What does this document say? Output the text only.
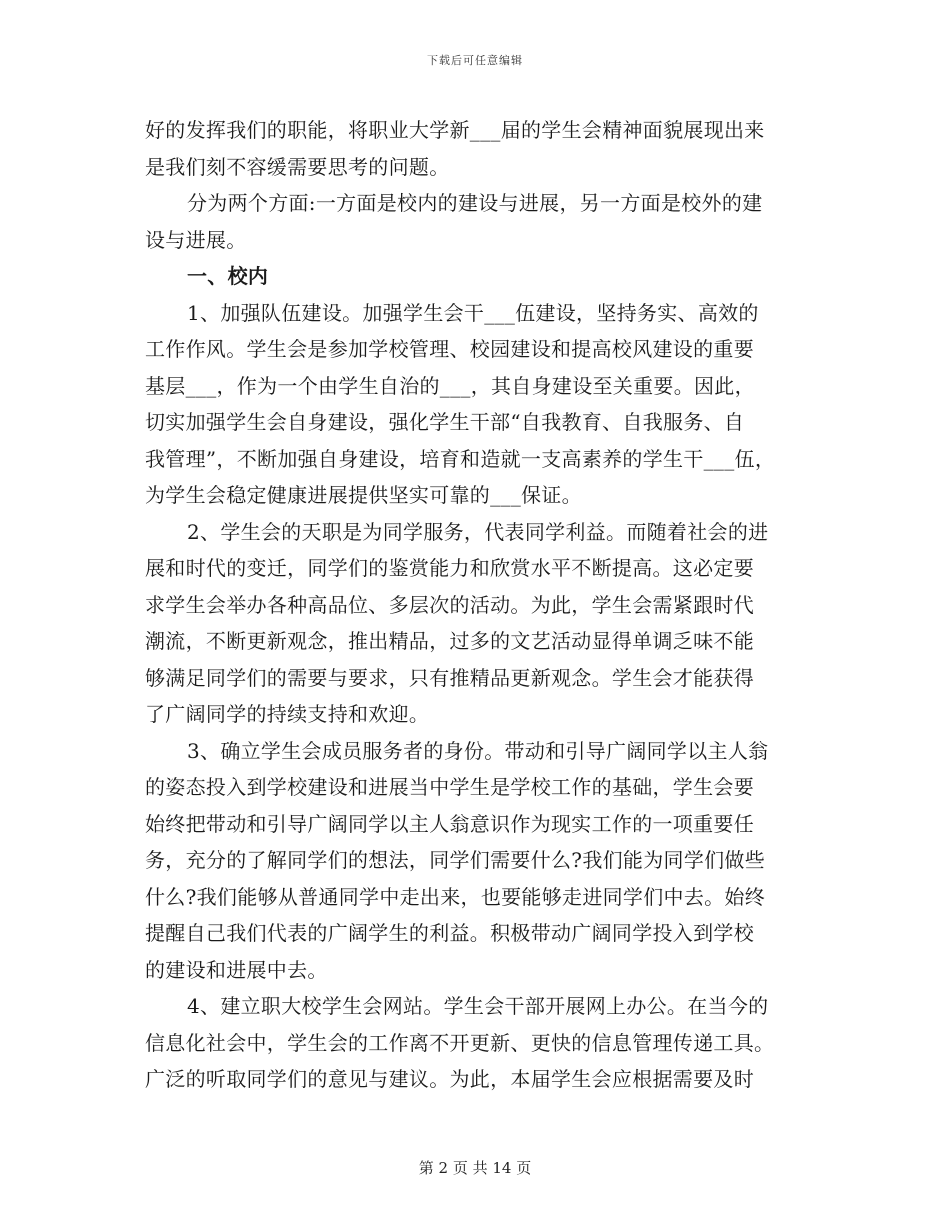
下载后可任意编辑
好的发挥我们的职能，将职业大学新___届的学生会精神面貌展现出来
是我们刻不容缓需要思考的问题。
分为两个方面:一方面是校内的建设与进展，另一方面是校外的建
设与进展。
一、校内
1、加强队伍建设。加强学生会干___伍建设，坚持务实、高效的
工作作风。学生会是参加学校管理、校园建设和提高校风建设的重要
基层___，作为一个由学生自治的___，其自身建设至关重要。因此，
切实加强学生会自身建设，强化学生干部“自我教育、自我服务、自
我管理”，不断加强自身建设，培育和造就一支高素养的学生干___伍，
为学生会稳定健康进展提供坚实可靠的___保证。
2、学生会的天职是为同学服务，代表同学利益。而随着社会的进
展和时代的变迁，同学们的鉴赏能力和欣赏水平不断提高。这必定要
求学生会举办各种高品位、多层次的活动。为此，学生会需紧跟时代
潮流，不断更新观念，推出精品，过多的文艺活动显得单调乏味不能
够满足同学们的需要与要求，只有推精品更新观念。学生会才能获得
了广阔同学的持续支持和欢迎。
3、确立学生会成员服务者的身份。带动和引导广阔同学以主人翁
的姿态投入到学校建设和进展当中学生是学校工作的基础，学生会要
始终把带动和引导广阔同学以主人翁意识作为现实工作的一项重要任
务，充分的了解同学们的想法，同学们需要什么?我们能为同学们做些
什么?我们能够从普通同学中走出来，也要能够走进同学们中去。始终
提醒自己我们代表的广阔学生的利益。积极带动广阔同学投入到学校
的建设和进展中去。
4、建立职大校学生会网站。学生会干部开展网上办公。在当今的
信息化社会中，学生会的工作离不开更新、更快的信息管理传递工具。
广泛的听取同学们的意见与建议。为此，本届学生会应根据需要及时
第 2 页 共 14 页
